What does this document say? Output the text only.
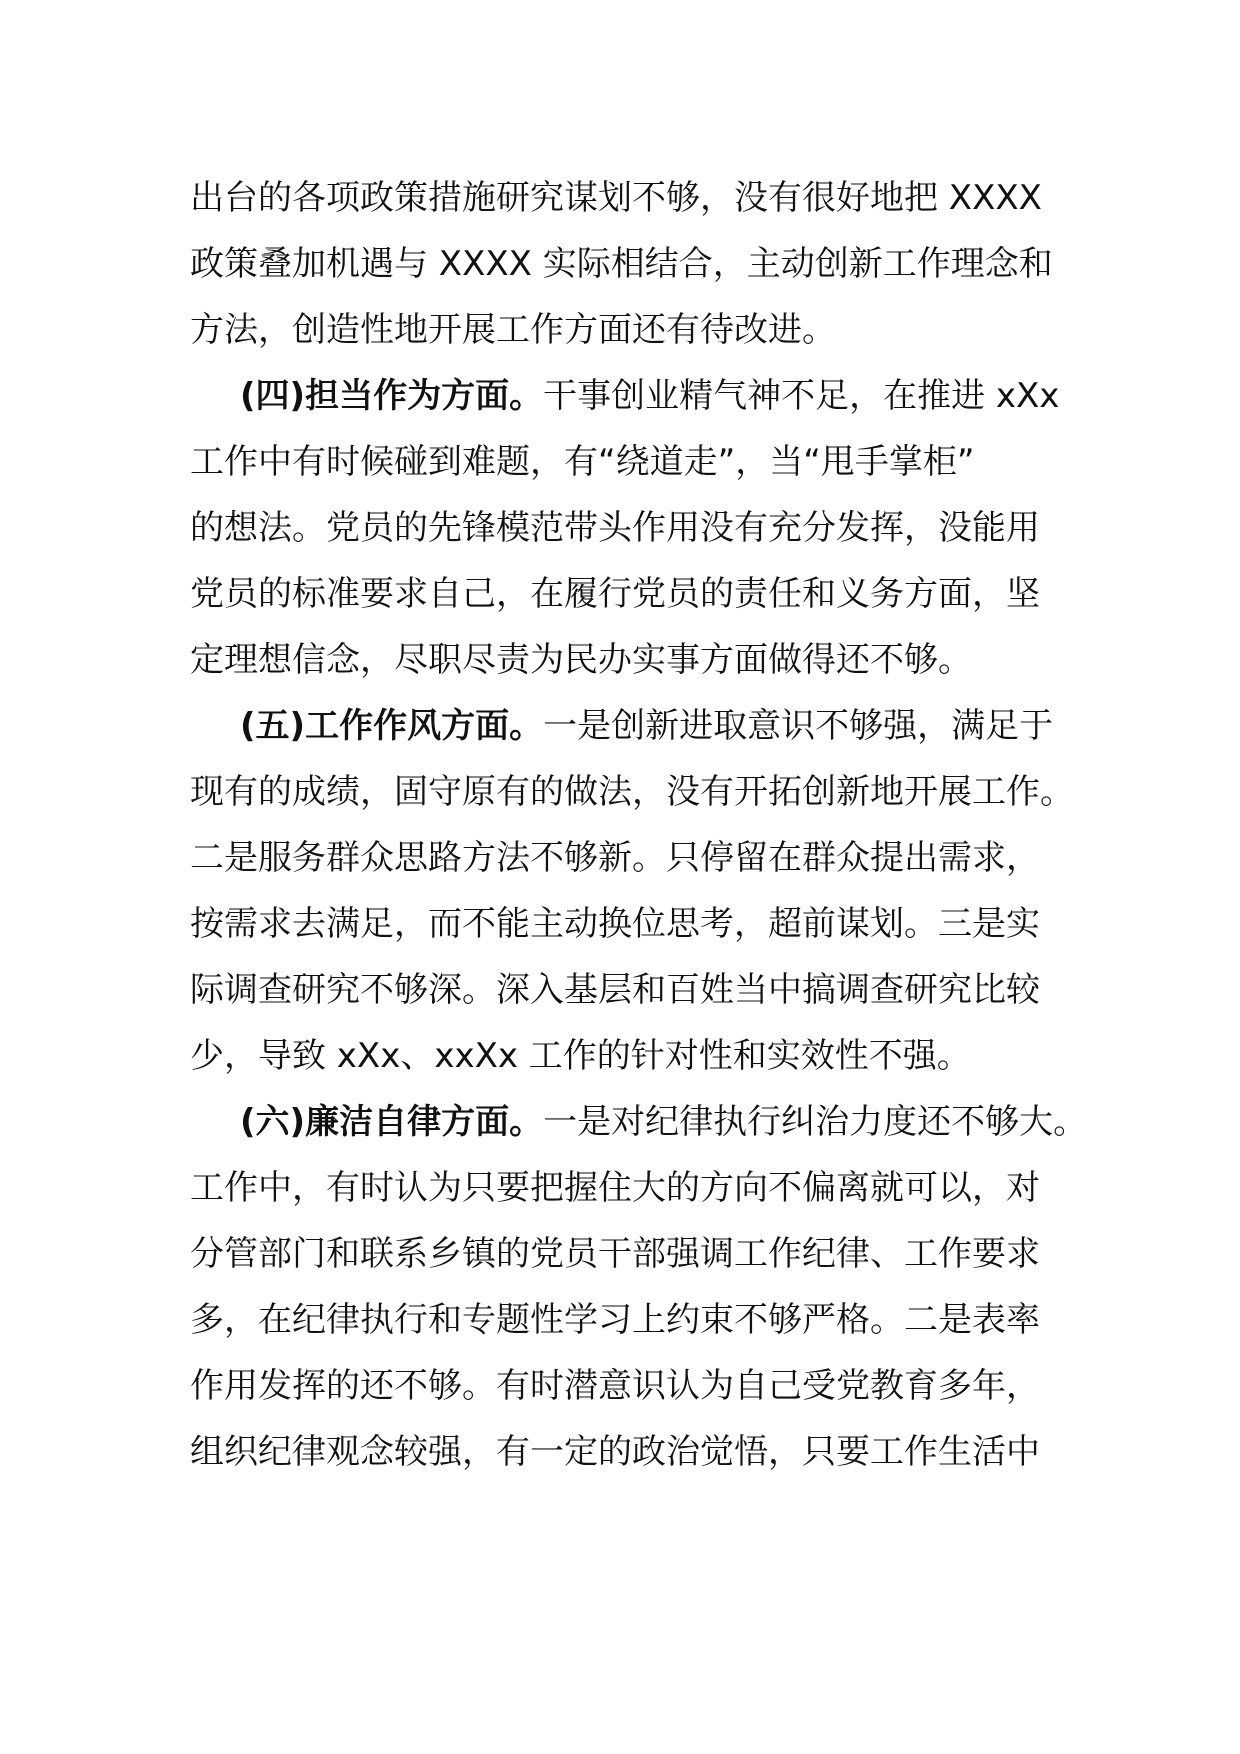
出台的各项政策措施研究谋划不够，没有很好地把 XXXX
政策叠加机遇与 XXXX 实际相结合，主动创新工作理念和
方法，创造性地开展工作方面还有待改进。
(四)担当作为方面。干事创业精气神不足，在推进 xXx
工作中有时候碰到难题，有“绕道走”，当“甩手掌柜”
的想法。党员的先锋模范带头作用没有充分发挥，没能用
党员的标准要求自己，在履行党员的责任和义务方面，坚
定理想信念，尽职尽责为民办实事方面做得还不够。
(五)工作作风方面。一是创新进取意识不够强，满足于
现有的成绩，固守原有的做法，没有开拓创新地开展工作。
二是服务群众思路方法不够新。只停留在群众提出需求，
按需求去满足，而不能主动换位思考，超前谋划。三是实
际调查研究不够深。深入基层和百姓当中搞调查研究比较
少，导致 xXx、xxXx 工作的针对性和实效性不强。
(六)廉洁自律方面。一是对纪律执行纠治力度还不够大。
工作中，有时认为只要把握住大的方向不偏离就可以，对
分管部门和联系乡镇的党员干部强调工作纪律、工作要求
多，在纪律执行和专题性学习上约束不够严格。二是表率
作用发挥的还不够。有时潜意识认为自己受党教育多年，
组织纪律观念较强，有一定的政治觉悟，只要工作生活中
